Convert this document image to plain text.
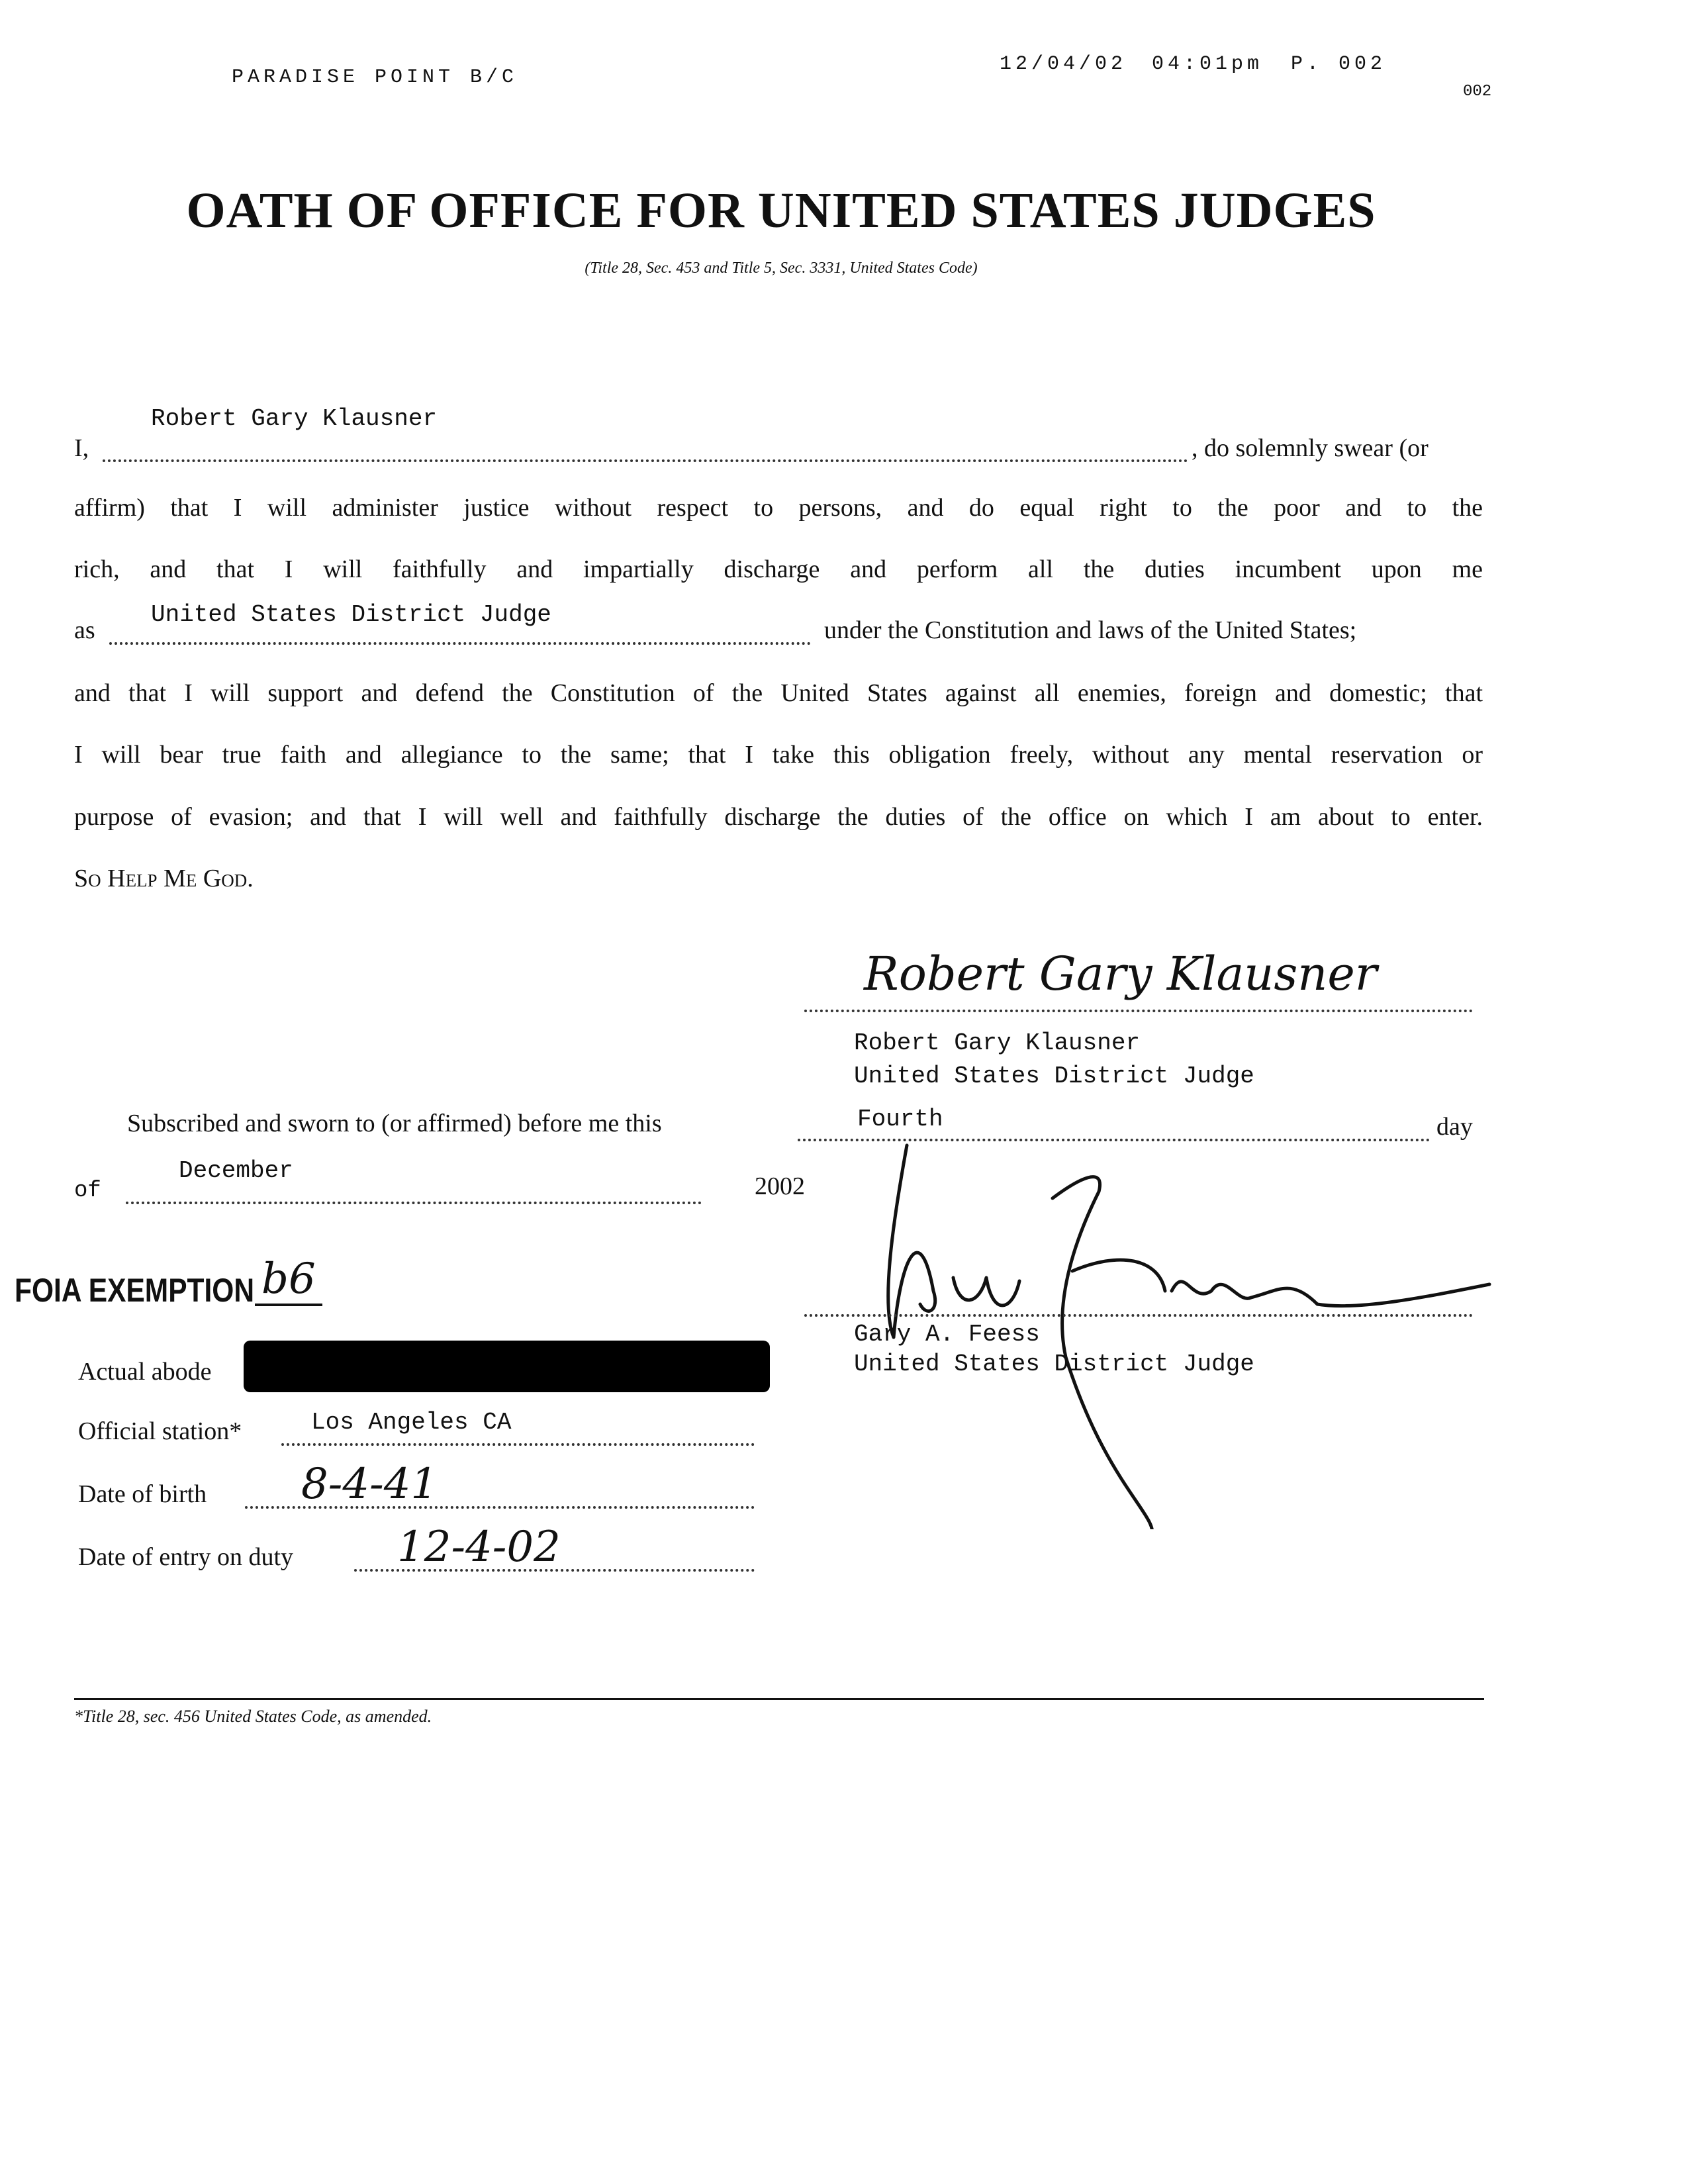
PARADISE POINT B/C
12/04/02 04:01pm P. 002
002
OATH OF OFFICE FOR UNITED STATES JUDGES
(Title 28, Sec. 453 and Title 5, Sec. 3331, United States Code)
Robert Gary Klausner
I,	, do solemnly swear (or
affirm) that I will administer justice without respect to persons, and do equal right to the poor and to the
rich, and that I will faithfully and impartially discharge and perform all the duties incumbent upon me
United States District Judge
as	under the Constitution and laws of the United States;
and that I will support and defend the Constitution of the United States against all enemies, foreign and domestic; that
I will bear true faith and allegiance to the same; that I take this obligation freely, without any mental reservation or
purpose of evasion; and that I will well and faithfully discharge the duties of the office on which I am about to enter.
So Help Me God.
Robert Gary Klausner
Robert Gary Klausner
United States District Judge
Subscribed and sworn to (or affirmed) before me this	Fourth	day
December
of	2002
FOIA EXEMPTION b6
Gary A. Feess
United States District Judge
Actual abode
Official station*	Los Angeles CA
Date of birth 8-4-41
Date of entry on duty 12-4-02
*Title 28, sec. 456 United States Code, as amended.
